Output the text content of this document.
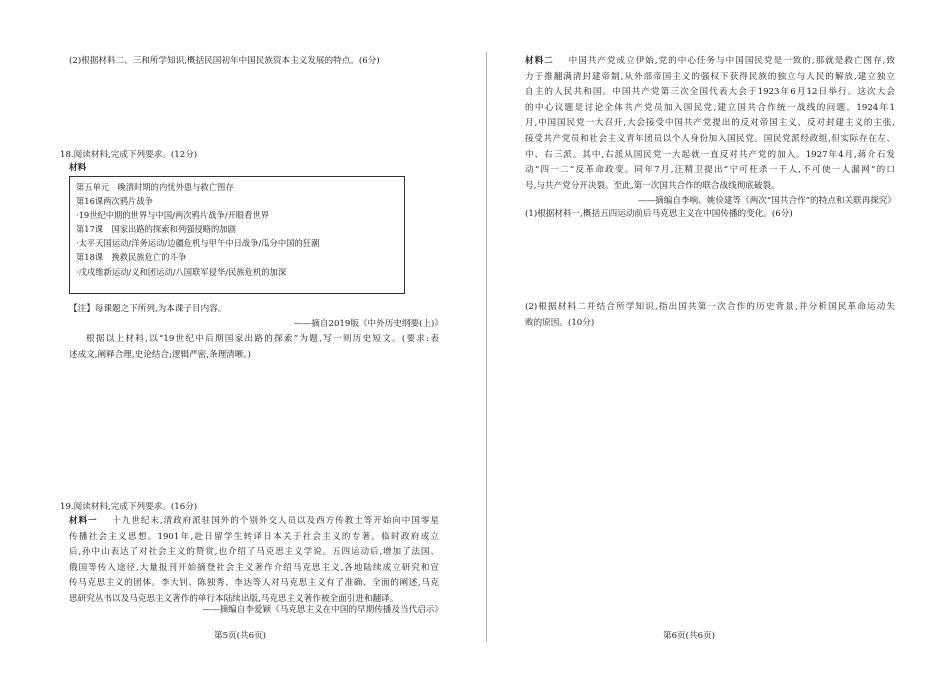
(2)根据材料二、三和所学知识,概括民国初年中国民族资本主义发展的特点。(6分)
18.阅读材料,完成下列要求。(12分)
材料
第五单元　晚清时期的内忧外患与救亡图存
第16课两次鸦片战争
·19世纪中期的世界与中国/两次鸦片战争/开眼看世界
第17课　国家出路的探索和列强侵略的加剧
·太平天国运动/洋务运动/边疆危机与甲午中日战争/瓜分中国的狂潮
第18课　挽救民族危亡的斗争
·戊戌维新运动/义和团运动/八国联军侵华/民族危机的加深
【注】每课题之下所列,为本课子目内容。
——摘自2019版《中外历史纲要(上)》
根据以上材料,以“19世纪中后期国家出路的探索”为题,写一则历史短文。(要求:表
述成文,阐释合理,史论结合;逻辑严密,条理清晰。)
19.阅读材料,完成下列要求。(16分)
材料一 十九世纪末,清政府派驻国外的个别外交人员以及西方传教士等开始向中国零星
传播社会主义思想。1901年,赴日留学生转译日本关于社会主义的专著。临时政府成立
后,孙中山表达了对社会主义的赞赏,也介绍了马克思主义学说。五四运动后,增加了法国、
俄国等传入途径,大量报刊开始摘登社会主义著作介绍马克思主义,各地陆续成立研究和宣
传马克思主义的团体。李大钊、陈独秀、李达等人对马克思主义有了准确、全面的阐述,马克
思研究丛书以及马克思主义著作的单行本陆续出版,马克思主义著作被全面引进和翻译。
——摘编自李爱颖《马克思主义在中国的早期传播及当代启示》
第5页(共6页)
材料二 中国共产党成立伊始,党的中心任务与中国国民党是一致的,那就是救亡图存,致
力于推翻满清封建帝制,从外部帝国主义的强权下获得民族的独立与人民的解放,建立独立
自主的人民共和国。中国共产党第三次全国代表大会于1923年6月12日举行。这次大会
的中心议题是讨论全体共产党员加入国民党,建立国共合作统一战线的问题。1924年1
月,中国国民党一大召开,大会接受中国共产党提出的反对帝国主义、反对封建主义的主张,
接受共产党员和社会主义青年团员以个人身份加入国民党。国民党派经政组,但实际存在左、
中、右三派。其中,右派从国民党一大起就一直反对共产党的加入。1927年4月,蒋介石发
动“四一二”反革命政变。同年7月,汪精卫提出“宁可枉杀一千人,不可使一人漏网”的口
号,与共产党分开决裂。至此,第一次国共合作的联合战线彻底破裂。
——摘编自李响、姚俭建等《两次“国共合作”的特点和关联再探究》
(1)根据材料一,概括五四运动前后马克思主义在中国传播的变化。(6分)
(2)根据材料二并结合所学知识,指出国共第一次合作的历史背景,并分析国民革命运动失
败的原因。(10分)
第6页(共6页)
